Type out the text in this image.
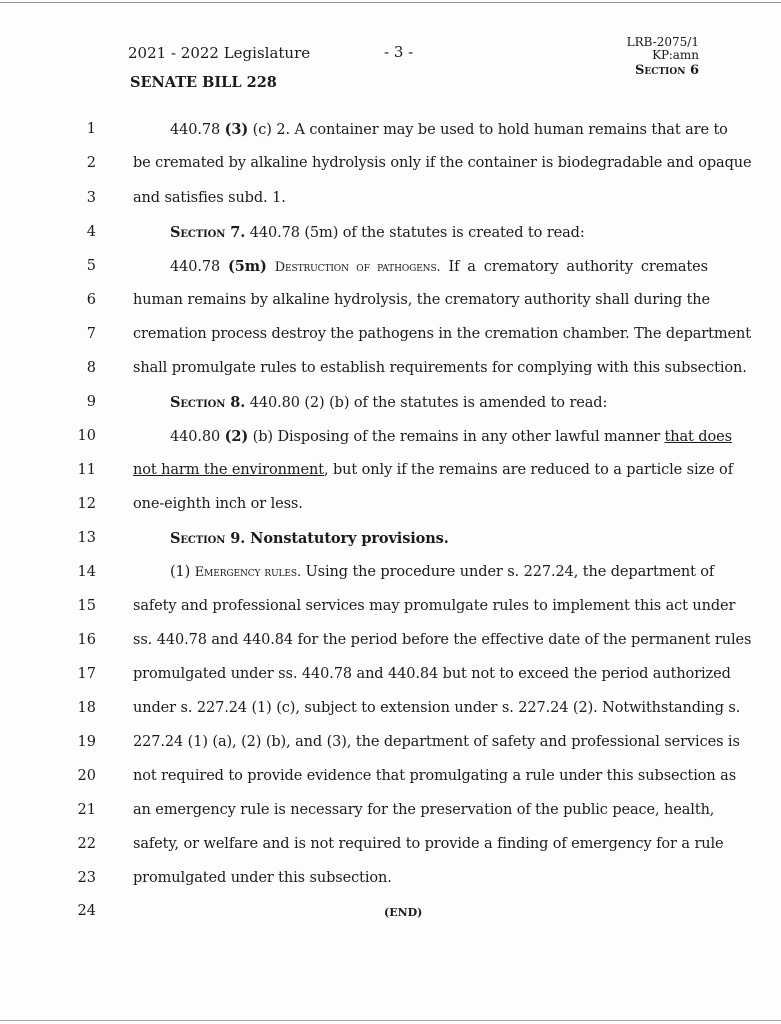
2021 - 2022 Legislature	- 3 -
SENATE BILL 228
LRB-2075/1
KP:amn
Section 6
1	440.78 (3) (c) 2. A container may be used to hold human remains that are to
2	be cremated by alkaline hydrolysis only if the container is biodegradable and opaque
3	and satisfies subd. 1.
4	Section 7. 440.78 (5m) of the statutes is created to read:
5	440.78 (5m) Destruction of pathogens. If a crematory authority cremates
6	human remains by alkaline hydrolysis, the crematory authority shall during the
7	cremation process destroy the pathogens in the cremation chamber. The department
8	shall promulgate rules to establish requirements for complying with this subsection.
9	Section 8. 440.80 (2) (b) of the statutes is amended to read:
10	440.80 (2) (b) Disposing of the remains in any other lawful manner that does
11	not harm the environment, but only if the remains are reduced to a particle size of
12	one-eighth inch or less.
13	Section 9. Nonstatutory provisions.
14	(1) Emergency rules. Using the procedure under s. 227.24, the department of
15	safety and professional services may promulgate rules to implement this act under
16	ss. 440.78 and 440.84 for the period before the effective date of the permanent rules
17	promulgated under ss. 440.78 and 440.84 but not to exceed the period authorized
18	under s. 227.24 (1) (c), subject to extension under s. 227.24 (2). Notwithstanding s.
19	227.24 (1) (a), (2) (b), and (3), the department of safety and professional services is
20	not required to provide evidence that promulgating a rule under this subsection as
21	an emergency rule is necessary for the preservation of the public peace, health,
22	safety, or welfare and is not required to provide a finding of emergency for a rule
23	promulgated under this subsection.
24	(END)
